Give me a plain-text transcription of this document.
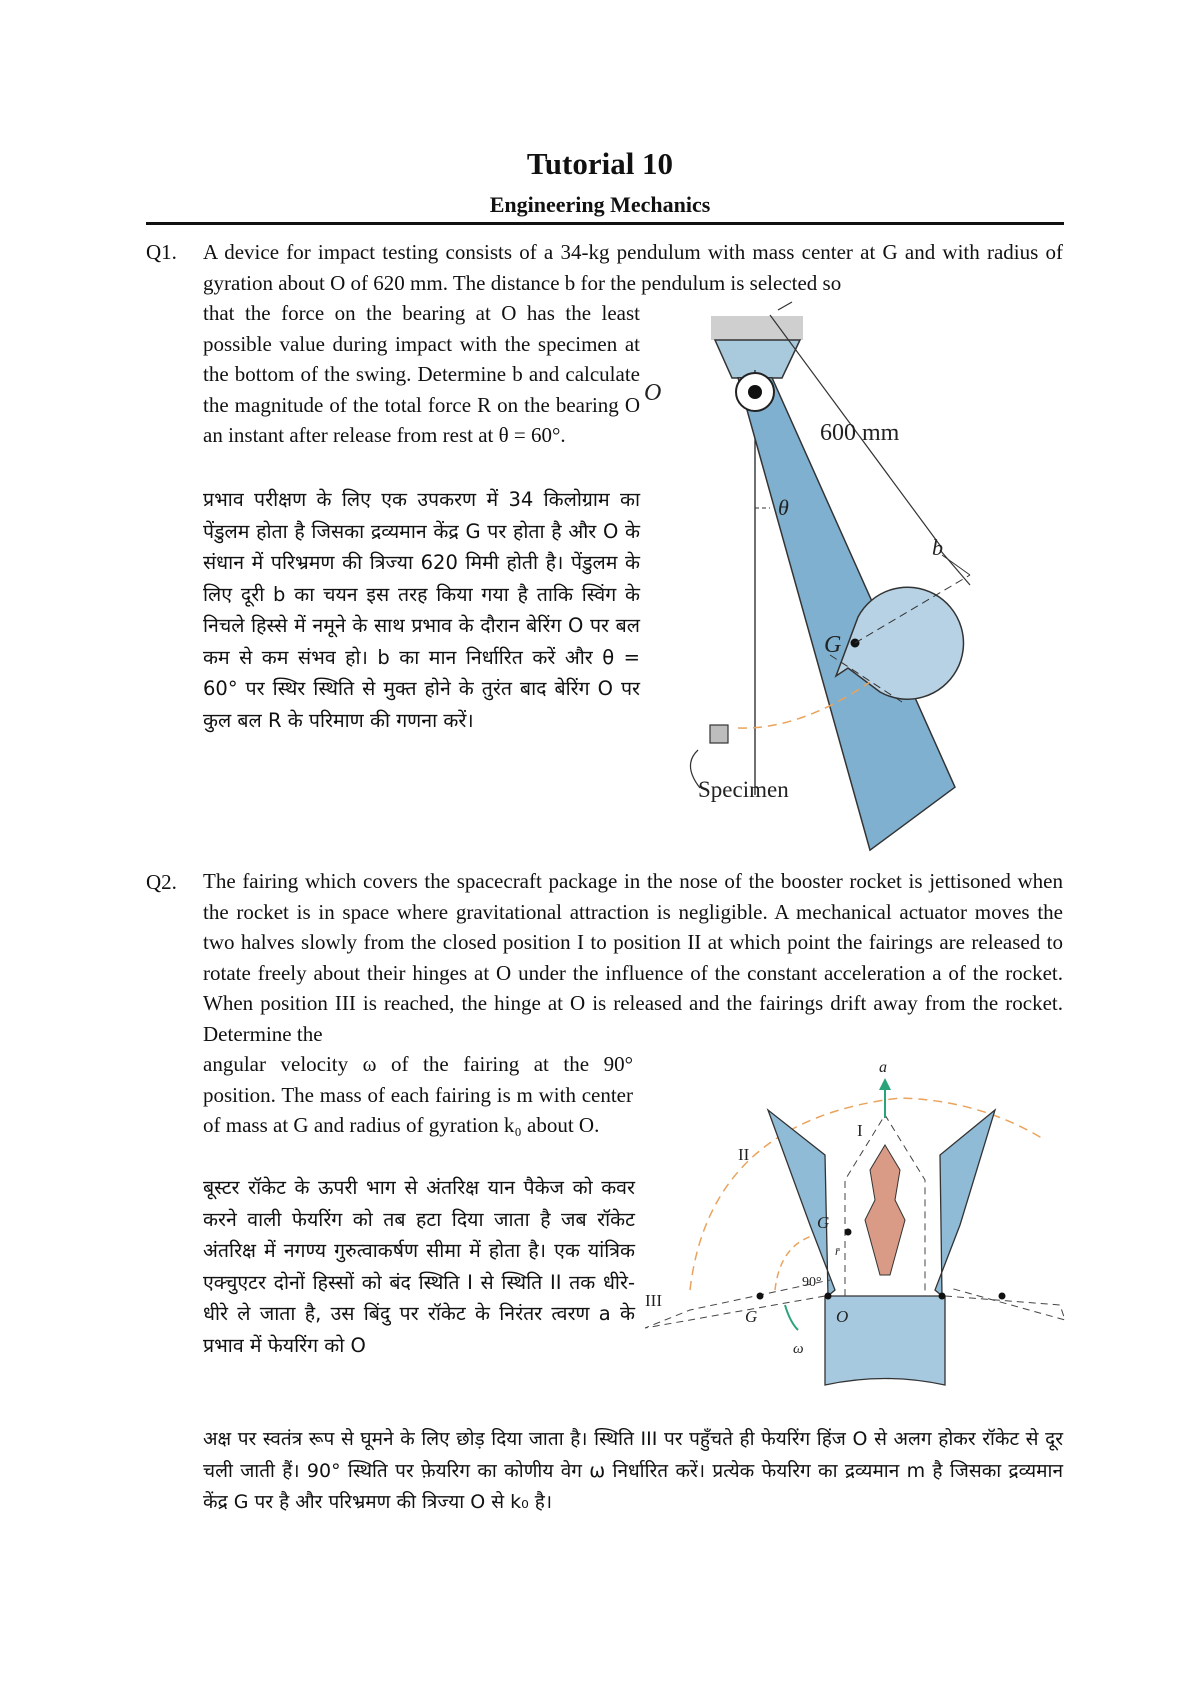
Tutorial 10
Engineering Mechanics
Q1. A device for impact testing consists of a 34-kg pendulum with mass center at G and with radius of gyration about O of 620 mm. The distance b for the pendulum is selected so

that the force on the bearing at O has the least possible value during impact with the specimen at the bottom of the swing. Determine b and calculate the magnitude of the total force R on the bearing O an instant after release from rest at θ = 60°.

प्रभाव परीक्षण के लिए एक उपकरण में 34 किलोग्राम का पेंडुलम होता है जिसका द्रव्यमान केंद्र G पर होता है और O के संधान में परिभ्रमण की त्रिज्या 620 मिमी होती है। पेंडुलम के लिए दूरी b का चयन इस तरह किया गया है ताकि स्विंग के निचले हिस्से में नमूने के साथ प्रभाव के दौरान बेरिंग O पर बल कम से कम संभव हो। b का मान निर्धारित करें और θ = 60° पर स्थिर स्थिति से मुक्त होने के तुरंत बाद बेरिंग O पर कुल बल R के परिमाण की गणना करें।

600 mm
b
O
G
θ
Specimen
Q2. The fairing which covers the spacecraft package in the nose of the booster rocket is jettisoned when the rocket is in space where gravitational attraction is negligible. A mechanical actuator moves the two halves slowly from the closed position I to position II at which point the fairings are released to rotate freely about their hinges at O under the influence of the constant acceleration a of the rocket. When position III is reached, the hinge at O is released and the fairings drift away from the rocket. Determine the

angular velocity ω of the fairing at the 90° position. The mass of each fairing is m with center of mass at G and radius of gyration k₀ about O.

बूस्टर रॉकेट के ऊपरी भाग से अंतरिक्ष यान पैकेज को कवर करने वाली फेयरिंग को तब हटा दिया जाता है जब रॉकेट अंतरिक्ष में नगण्य गुरुत्वाकर्षण सीमा में होता है। एक यांत्रिक एक्चुएटर दोनों हिस्सों को बंद स्थिति I से स्थिति II तक धीरे-धीरे ले जाता है, उस बिंदु पर रॉकेट के निरंतर त्वरण a के प्रभाव में फेयरिंग को O

अक्ष पर स्वतंत्र रूप से घूमने के लिए छोड़ दिया जाता है। स्थिति III पर पहुँचते ही फेयरिंग हिंज O से अलग होकर रॉकेट से दूर चली जाती हैं। 90° स्थिति पर फ़ेयरिग का कोणीय वेग ω निर्धारित करें। प्रत्येक फेयरिग का द्रव्यमान m है जिसका द्रव्यमान केंद्र G पर है और परिभ्रमण की त्रिज्या O से k₀ है।

a
I
II
III
G
G	O
r̄
90°
ω
